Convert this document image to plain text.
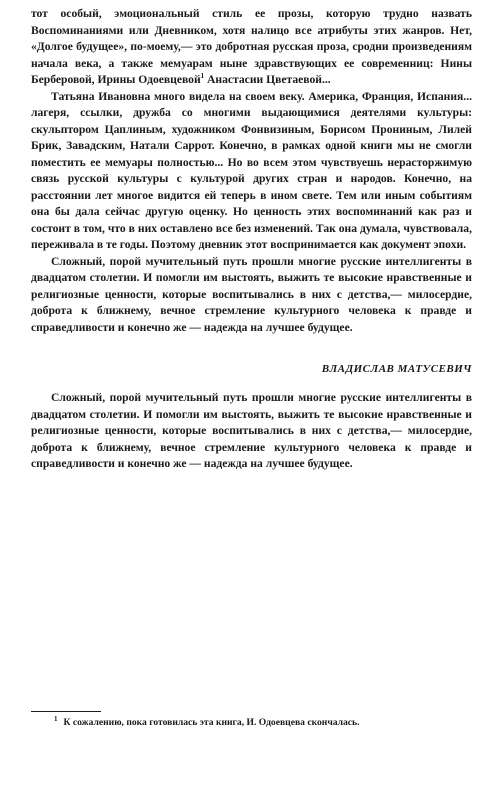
тот особый, эмоциональный стиль ее прозы, которую трудно назвать Воспоминаниями или Дневником, хотя налицо все атрибуты этих жанров. Нет, «Долгое будущее», по-моему,— это добротная русская проза, сродни произведениям начала века, а также мемуарам ныне здравствующих ее современниц: Нины Берберовой, Ирины Одоевцевой$^1$ Анастасии Цветаевой...

Татьяна Ивановна много видела на своем веку. Америка, Франция, Испания... лагеря, ссылки, дружба со многими выдающимися деятелями культуры: скульптором Цаплиным, художником Фонвизиным, Борисом Прониным, Лилей Брик, Завадским, Натали Саррот. Конечно, в рамках одной книги мы не смогли поместить ее мемуары полностью... Но во всем этом чувствуешь нерасторжимую связь русской культуры с культурой других стран и народов. Конечно, на расстоянии лет многое видится ей теперь в ином свете. Тем или иным событиям она бы дала сейчас другую оценку. Но ценность этих воспоминаний как раз и состоит в том, что в них оставлено все без изменений. Так она думала, чувствовала, переживала в те годы. Поэтому дневник этот воспринимается как документ эпохи.

Сложный, порой мучительный путь прошли многие русские интеллигенты в двадцатом столетии. И помогли им выстоять, выжить те высокие нравственные и религиозные ценности, которые воспитывались в них с детства,— милосердие, доброта к ближнему, вечное стремление культурного человека к правде и справедливости и конечно же — надежда на лучшее будущее.

ВЛАДИСЛАВ МАТУСЕВИЧ

Сложный, порой мучительный путь прошли многие русские интеллигенты в двадцатом столетии. И помогли им выстоять, выжить те высокие нравственные и религиозные ценности, которые воспитывались в них с детства,— милосердие, доброта к ближнему, вечное стремление культурного человека к правде и справедливости и конечно же — надежда на лучшее будущее.

$^1$ К сожалению, пока готовилась эта книга, И. Одоевцева скончалась.
